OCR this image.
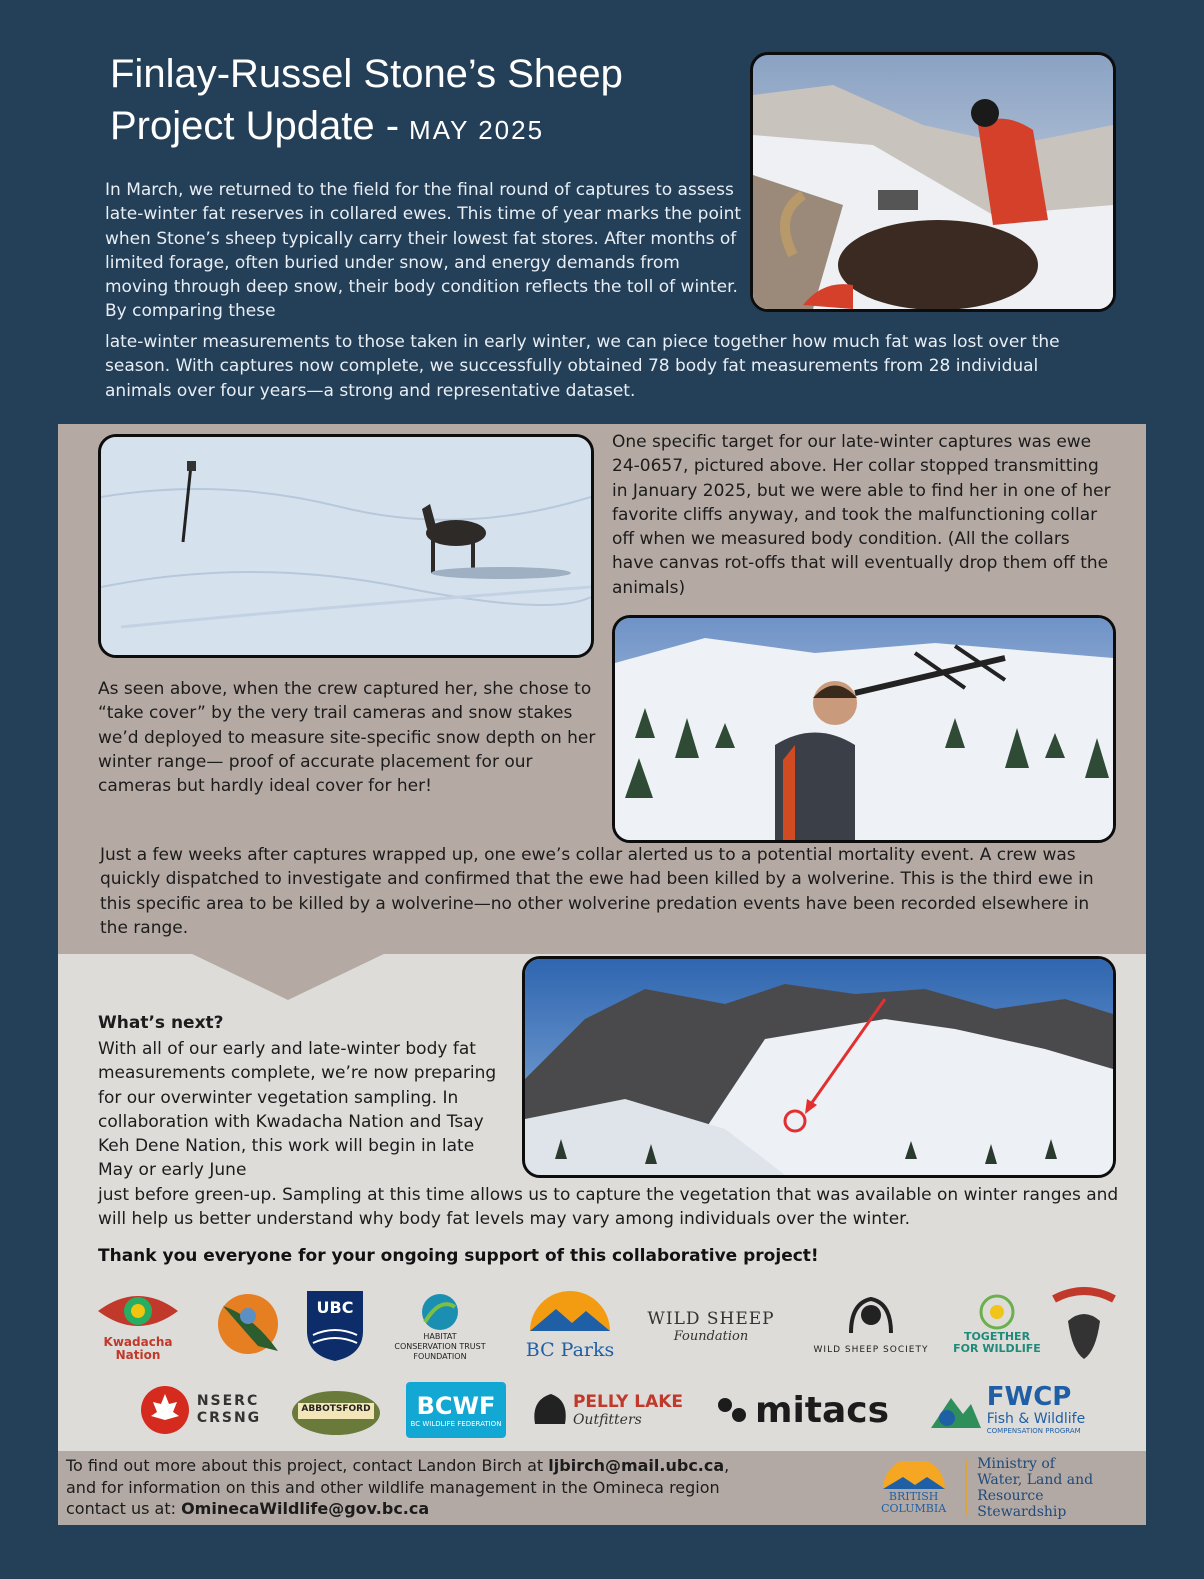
Finlay-Russel Stone’s Sheep
Project Update - MAY 2025
In March, we returned to the field for the final round of captures to assess late-winter fat reserves in collared ewes. This time of year marks the point when Stone’s sheep typically carry their lowest fat stores. After months of limited forage, often buried under snow, and energy demands from moving through deep snow, their body condition reflects the toll of winter. By comparing these
late-winter measurements to those taken in early winter, we can piece together how much fat was lost over the season. With captures now complete, we successfully obtained 78 body fat measurements from 28 individual animals over four years—a strong and representative dataset.
One specific target for our late-winter captures was ewe 24-0657, pictured above. Her collar stopped transmitting in January 2025, but we were able to find her in one of her favorite cliffs anyway, and took the malfunctioning collar off when we measured body condition. (All the collars have canvas rot-offs that will eventually drop them off the animals)
As seen above, when the crew captured her, she chose to “take cover” by the very trail cameras and snow stakes we’d deployed to measure site-specific snow depth on her winter range— proof of accurate placement for our cameras but hardly ideal cover for her!
Just a few weeks after captures wrapped up, one ewe’s collar alerted us to a potential mortality event. A crew was quickly dispatched to investigate and confirmed that the ewe had been killed by a wolverine. This is the third ewe in this specific area to be killed by a wolverine—no other wolverine predation events have been recorded elsewhere in the range.
What’s next?
With all of our early and late-winter body fat measurements complete, we’re now preparing for our overwinter vegetation sampling. In collaboration with Kwadacha Nation and Tsay Keh Dene Nation, this work will begin in late May or early June
just before green-up. Sampling at this time allows us to capture the vegetation that was available on winter ranges and will help us better understand why body fat levels may vary among individuals over the winter.
Thank you everyone for your ongoing support of this collaborative project!
Kwadacha
Nation
UBC
HABITAT
CONSERVATION TRUST
FOUNDATION	BC Parks
WILD SHEEP
Foundation
WILD SHEEP SOCIETY
TOGETHER
FOR WILDLIFE
NSERC
CRSNG
ABBOTSFORD BCWF
BC WILDLIFE FEDERATION
PELLY LAKE
Outfitters	mitacs	FWCP
Fish & Wildlife
COMPENSATION PROGRAM
To find out more about this project, contact Landon Birch at ljbirch@mail.ubc.ca,
and for information on this and other wildlife management in the Omineca region
contact us at: OminecaWildlife@gov.bc.ca
BRITISH
COLUMBIA
Ministry of
Water, Land and
Resource Stewardship
